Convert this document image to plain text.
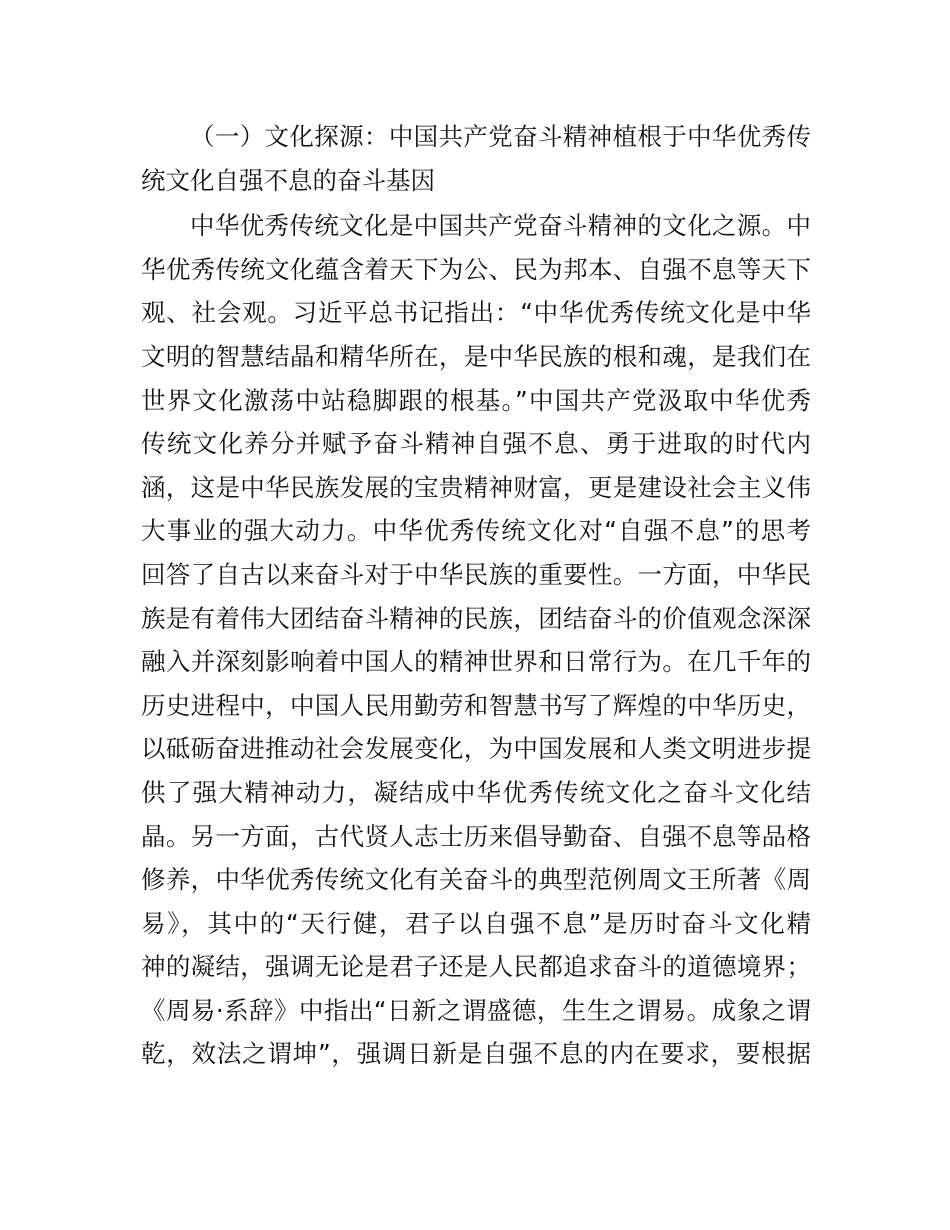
（一）文化探源：中国共产党奋斗精神植根于中华优秀传
统文化自强不息的奋斗基因
中华优秀传统文化是中国共产党奋斗精神的文化之源。中
华优秀传统文化蕴含着天下为公、民为邦本、自强不息等天下
观、社会观。习近平总书记指出：“中华优秀传统文化是中华
文明的智慧结晶和精华所在，是中华民族的根和魂，是我们在
世界文化激荡中站稳脚跟的根基。”中国共产党汲取中华优秀
传统文化养分并赋予奋斗精神自强不息、勇于进取的时代内
涵，这是中华民族发展的宝贵精神财富，更是建设社会主义伟
大事业的强大动力。中华优秀传统文化对“自强不息”的思考
回答了自古以来奋斗对于中华民族的重要性。一方面，中华民
族是有着伟大团结奋斗精神的民族，团结奋斗的价值观念深深
融入并深刻影响着中国人的精神世界和日常行为。在几千年的
历史进程中，中国人民用勤劳和智慧书写了辉煌的中华历史，
以砥砺奋进推动社会发展变化，为中国发展和人类文明进步提
供了强大精神动力，凝结成中华优秀传统文化之奋斗文化结
晶。另一方面，古代贤人志士历来倡导勤奋、自强不息等品格
修养，中华优秀传统文化有关奋斗的典型范例周文王所著《周
易》，其中的“天行健，君子以自强不息”是历时奋斗文化精
神的凝结，强调无论是君子还是人民都追求奋斗的道德境界；
《周易·系辞》中指出“日新之谓盛德，生生之谓易。成象之谓
乾，效法之谓坤”，强调日新是自强不息的内在要求，要根据
